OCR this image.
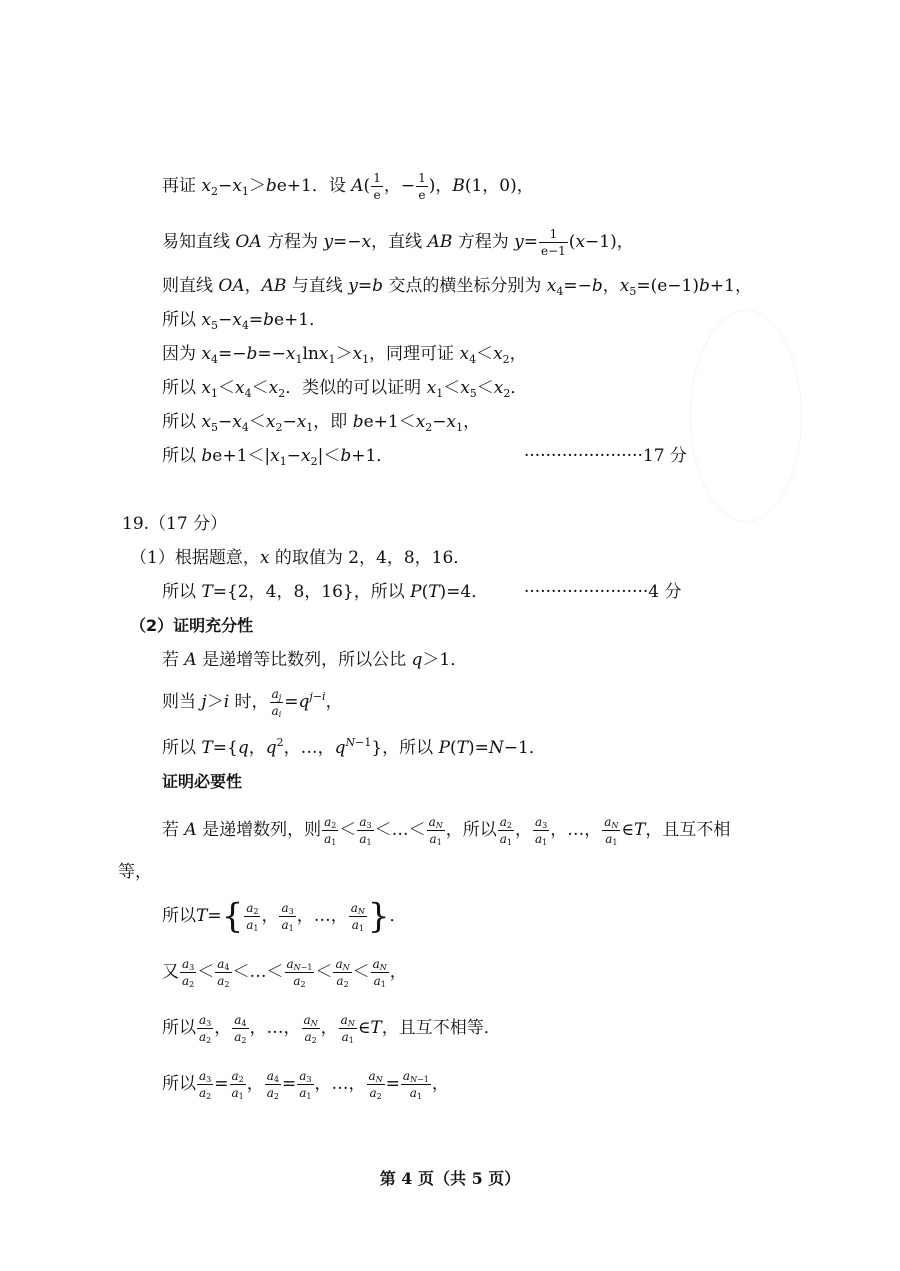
再证 $x_2-x_1>be+1$．设 $A( \frac{1}{e}$ ，− $\frac{1}{e}$ )，B(1，0)，
易知直线 OA 方程为 y=−x，直线 AB 方程为 $y= \frac{1}{e-1} (x-1)$，
则直线 OA，AB 与直线 y=b 交点的横坐标分别为 $x_4=-b$，$x_5=(e-1)b+1$，
所以 $x_5-x_4=be+1$．
因为 $x_4=-b=-x_1\ln x_1>x_1$，同理可证 $x_4<x_2$，
所以 $x_1<x_4<x_2$．类似的可以证明 $x_1<x_5<x_2$．
所以 $x_5-x_4<x_2-x_1$，即 $be+1<x_2-x_1$，
所以 $be+1<|x_1-x_2|<b+1$．	······················17 分
19.（17 分）
（1）根据题意，x 的取值为 2，4，8，16．
所以 T={2，4，8，16}，所以 P(T)=4． ·······················4 分
（2）证明充分性
若 A 是递增等比数列，所以公比 q＞1．
则当 j＞i 时， $\frac{a_j}{a_i} =q^{j-i}$，
所以 T={q，$q^2$，…，$q^{N-1}$}，所以 P(T)=N−1．
证明必要性
若 A 是递增数列，则 $\frac{a_2}{a_1} < \frac{a_3}{a_1}$ ＜…＜ $\frac{a_N}{a_1}$ ，所以 $\frac{a_2}{a_1}$ ， $\frac{a_3}{a_1}$ ，…， $\frac{a_N}{a_1}$ ∈T，且互不相
等，
所以$T=\{ \frac{a_2}{a_1}$ ， $\frac{a_3}{a_1}$ ，…， $\frac{a_N}{a_1}$ }．
又 $\frac{a_3}{a_2} < \frac{a_4}{a_2}$ ＜…＜ $\frac{a_{N-1}}{a_2} < \frac{a_N}{a_2} < \frac{a_N}{a_1}$ ，
所以 $\frac{a_3}{a_2}$ ， $\frac{a_4}{a_2}$ ，…， $\frac{a_N}{a_2}$ ， $\frac{a_N}{a_1}$ ∈T，且互不相等．
所以 $\frac{a_3}{a_2} = \frac{a_2}{a_1}$ ， $\frac{a_4}{a_2} = \frac{a_3}{a_1}$ ，…， $\frac{a_N}{a_2} = \frac{a_{N-1}}{a_1}$ ，
第 4 页（共 5 页）
